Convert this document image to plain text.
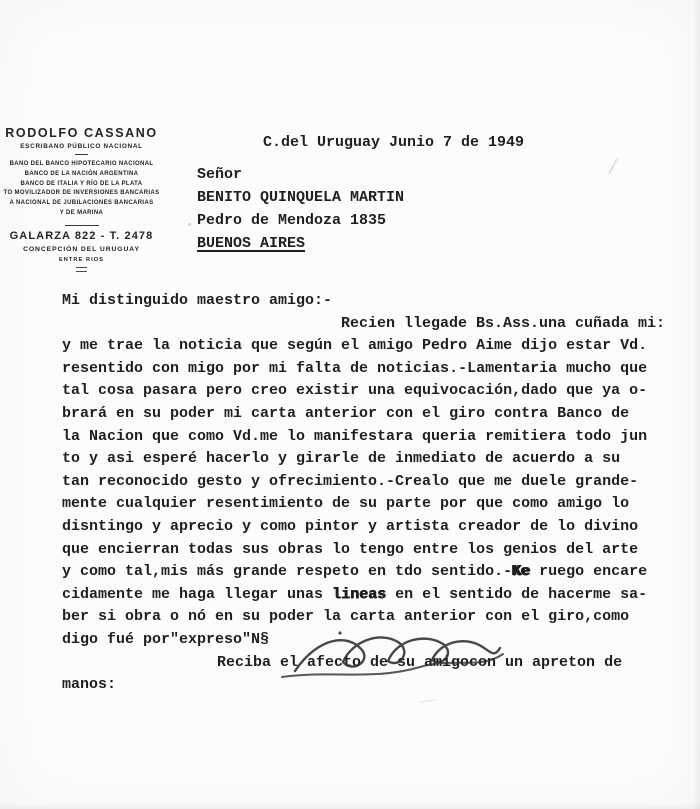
RODOLFO CASSANO
ESCRIBANO PÚBLICO NACIONAL
BANO DEL BANCO HIPOTECARIO NACIONAL
BANCO DE LA NACIÓN ARGENTINA
BANCO DE ITALIA Y RÍO DE LA PLATA
TO MOVILIZADOR DE INVERSIONES BANCARIAS
A NACIONAL DE JUBILACIONES BANCARIAS
Y DE MARINA
GALARZA 822 - T. 2478
CONCEPCIÓN DEL URUGUAY
ENTRE RIOS
C.del Uruguay Junio 7 de 1949
Señor
BENITO QUINQUELA MARTIN
Pedro de Mendoza 1835
BUENOS AIRES
Mi distinguido maestro amigo:-
Recien llegade Bs.Ass.una cuñada mi:
y me trae la noticia que según el amigo Pedro Aime dijo estar Vd.
resentido con migo por mi falta de noticias.-Lamentaria mucho que
tal cosa pasara pero creo existir una equivocación,dado que ya o-
brará en su poder mi carta anterior con el giro contra Banco de
la Nacion que como Vd.me lo manifestara queria remitiera todo jun
to y asi esperé hacerlo y girarle de inmediato de acuerdo a su
tan reconocido gesto y ofrecimiento.-Crealo que me duele grande-
mente cualquier resentimiento de su parte por que como amigo lo
disntingo y aprecio y como pintor y artista creador de lo divino
que encierran todas sus obras lo tengo entre los genios del arte
y como tal,mis más grande respeto en tdo sentido.-Ke ruego encare
cidamente me haga llegar unas lineas en el sentido de hacerme sa-
ber si obra o nó en su poder la carta anterior con el giro,como
digo fué por"expreso"N§
Reciba el afecto de su amigocon un apreton de
manos:
